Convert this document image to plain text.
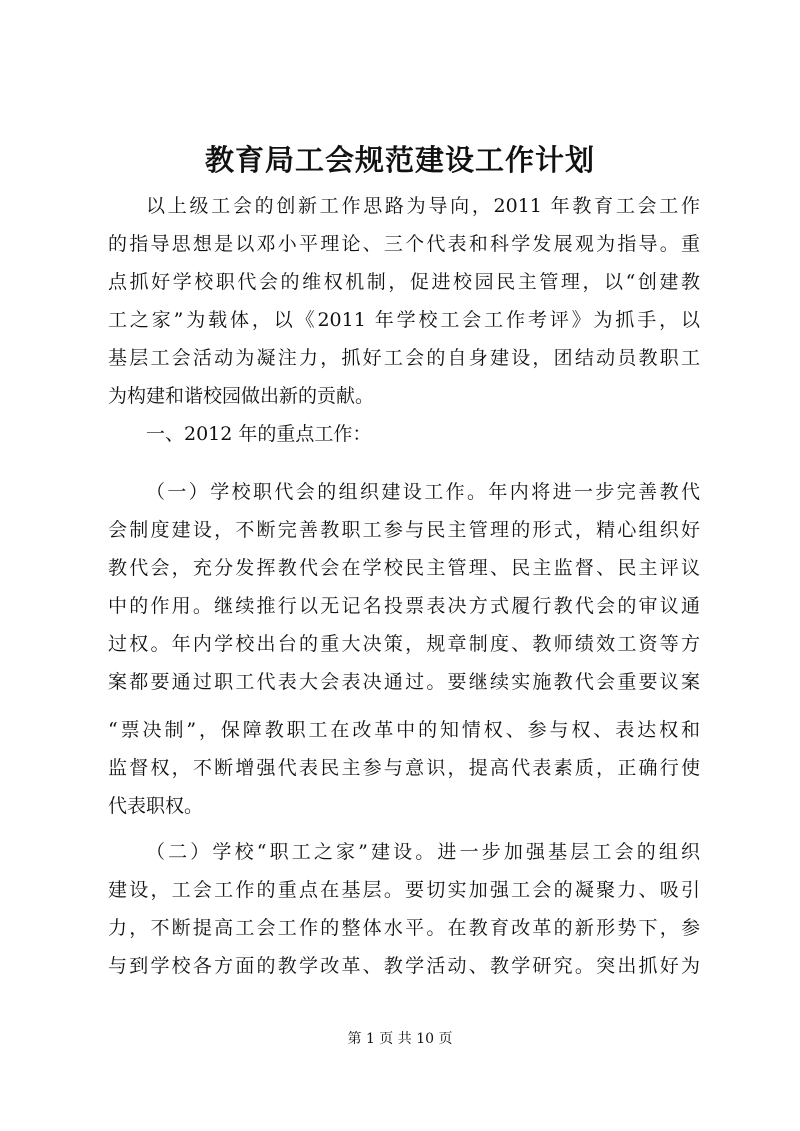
教育局工会规范建设工作计划
以上级工会的创新工作思路为导向，2011 年教育工会工作
的指导思想是以邓小平理论、三个代表和科学发展观为指导。重
点抓好学校职代会的维权机制，促进校园民主管理，以“创建教
工之家”为载体，以《2011 年学校工会工作考评》为抓手，以
基层工会活动为凝注力，抓好工会的自身建设，团结动员教职工
为构建和谐校园做出新的贡献。
一、2012 年的重点工作：
（一）学校职代会的组织建设工作。年内将进一步完善教代
会制度建设，不断完善教职工参与民主管理的形式，精心组织好
教代会，充分发挥教代会在学校民主管理、民主监督、民主评议
中的作用。继续推行以无记名投票表决方式履行教代会的审议通
过权。年内学校出台的重大决策，规章制度、教师绩效工资等方
案都要通过职工代表大会表决通过。要继续实施教代会重要议案
“票决制”，保障教职工在改革中的知情权、参与权、表达权和
监督权，不断增强代表民主参与意识，提高代表素质，正确行使
代表职权。
（二）学校“职工之家”建设。进一步加强基层工会的组织
建设，工会工作的重点在基层。要切实加强工会的凝聚力、吸引
力，不断提高工会工作的整体水平。在教育改革的新形势下，参
与到学校各方面的教学改革、教学活动、教学研究。突出抓好为
第 1 页 共 10 页
